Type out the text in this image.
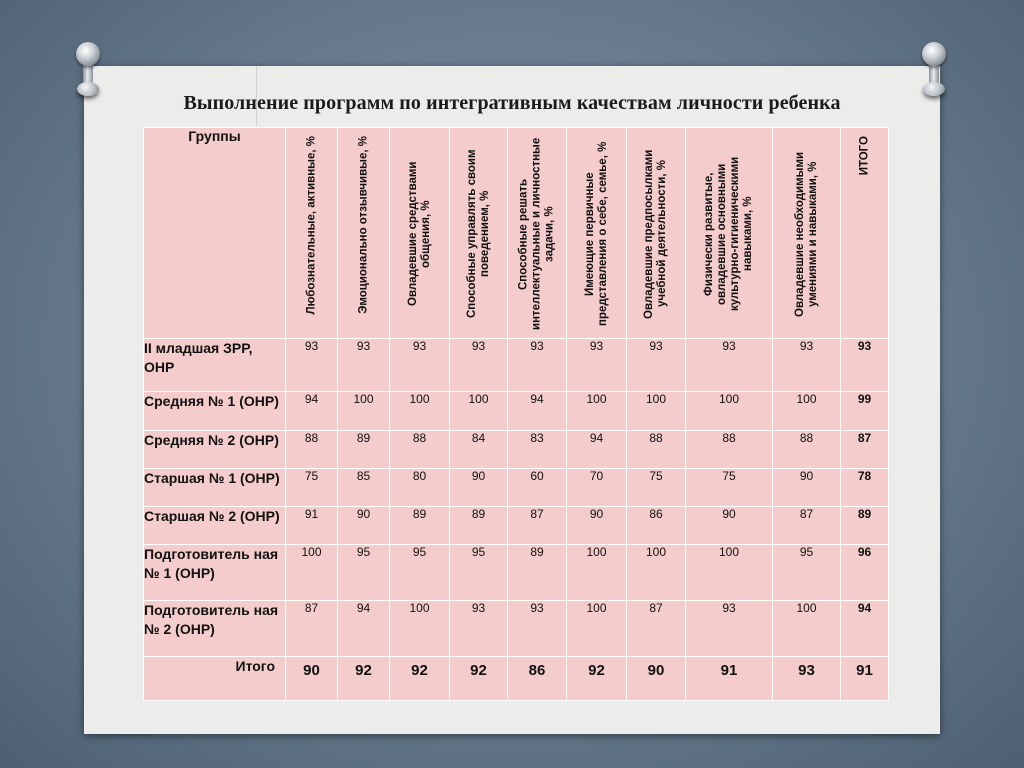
Выполнение программ по интегративным качествам личности ребенка
Группы	Любознательные, активные, %	Эмоционально отзывчивые, %	Овладевшие средствами общения, %	Способные управлять своим поведением, %	Способные решать интеллектуальные и личностные задачи, %	Имеющие первичные представления о себе, семье, %	Овладевшие предпосылками учебной деятельности, %	Физически развитые, овладевшие основными культурно-гигиеническими навыками, %	Овладевшие необходимыми умениями и навыками, %	ИТОГО

II младшая ЗРР, ОНР	93	93	93	93	93	93	93	93	93	93
Средняя № 1 (ОНР)	94	100	100	100	94	100	100	100	100	99
Средняя № 2 (ОНР)	88	89	88	84	83	94	88	88	88	87
Старшая № 1 (ОНР)	75	85	80	90	60	70	75	75	90	78
Старшая № 2 (ОНР)	91	90	89	89	87	90	86	90	87	89
Подготовитель ная № 1 (ОНР)	100	95	95	95	89	100	100	100	95	96
Подготовитель ная № 2 (ОНР)	87	94	100	93	93	100	87	93	100	94
Итого	90	92	92	92	86	92	90	91	93	91
